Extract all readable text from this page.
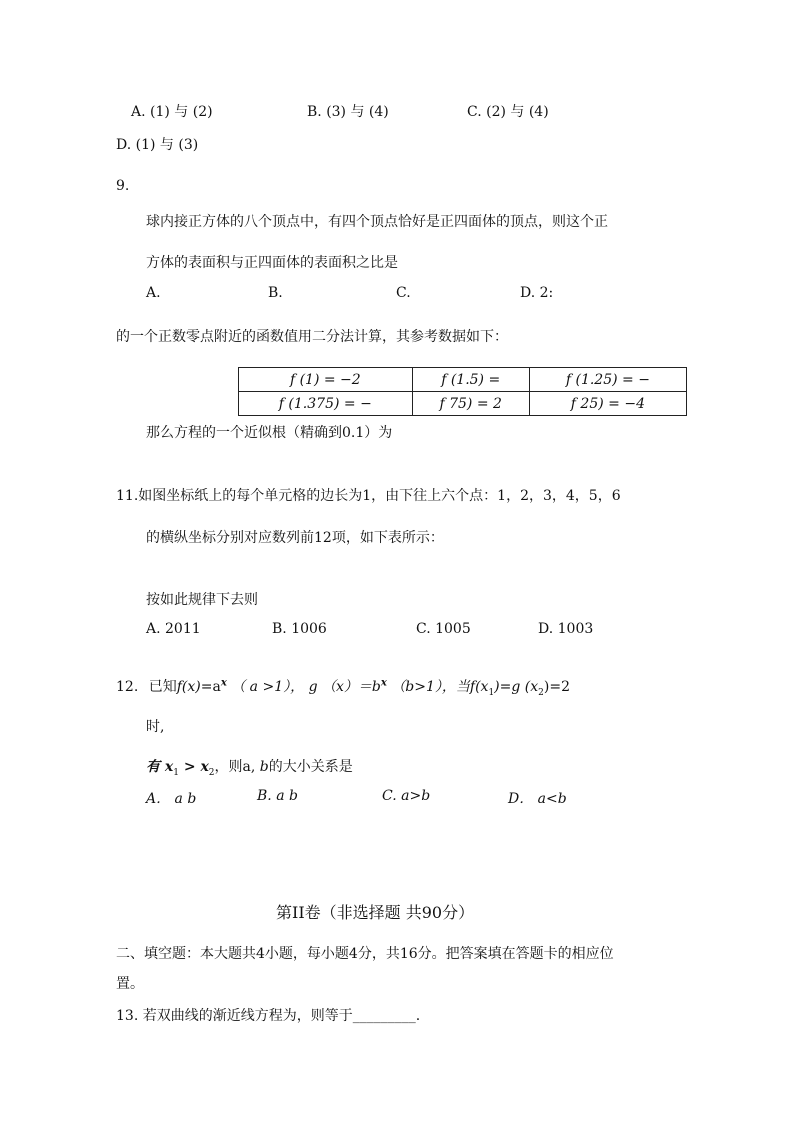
A. (1) 与 (2)	B. (3) 与 (4)	C. (2) 与 (4)
D. (1) 与 (3)
9.
球内接正方体的八个顶点中，有四个顶点恰好是正四面体的顶点，则这个正
方体的表面积与正四面体的表面积之比是
A.	B.	C.	D. 2:
的一个正数零点附近的函数值用二分法计算，其参考数据如下：
f (1) = −2	f (1.5) =	f (1.25) = −
f (1.375) = −	f 75) = 2	f 25) = −4
那么方程的一个近似根（精确到0.1）为
11.如图坐标纸上的每个单元格的边长为1，由下往上六个点：1，2，3，4，5，6
的横纵坐标分别对应数列前12项，如下表所示：
按如此规律下去则
A. 2011	B. 1006	C. 1005	D. 1003
12. 已知$f(x)=a^x$ （ a >1）， g $(x)=b^x$ （b>1），当$f(x_1)=g$ $(x_2)=2$
时,
有 $x_1 > x_2$，则a, b的大小关系是
A． a b	B. a b	C. a>b	D． a<b
第II卷（非选择题 共90分）
二、填空题：本大题共4小题，每小题4分，共16分。把答案填在答题卡的相应位
置。
13. 若双曲线的渐近线方程为，则等于_________.
